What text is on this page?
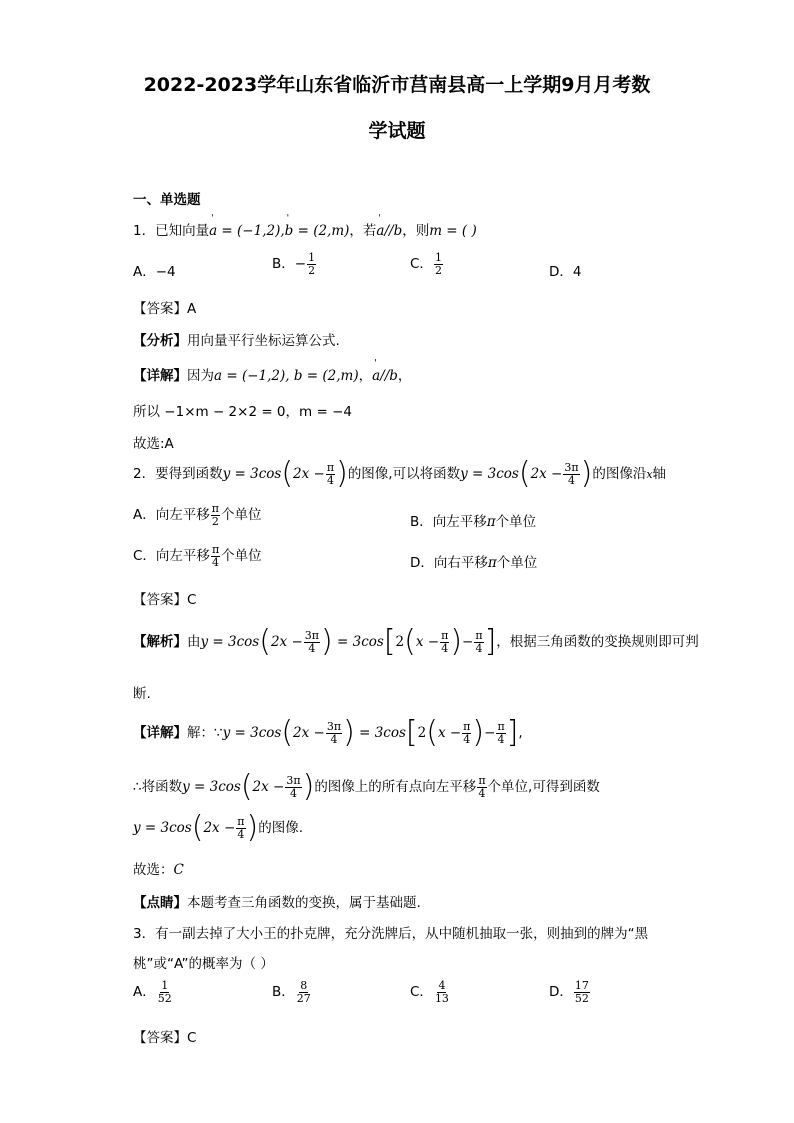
2022-2023学年山东省临沂市莒南县高一上学期9月月考数
学试题
一、单选题
1．已知向量' a = (−1,2),' b = (2,m)，若' a//b，则m = ( )
A．−4	B．− $\frac{1}{2}$	C． $\frac{1}{2}$	D．4
【答案】A
【分析】用向量平行坐标运算公式.
【详解】因为a = (−1,2), b = (2,m)，' a//b，
所以 −1×m − 2×2 = 0，m = −4
故选:A
2．要得到函数$y = 3\cos(2x - \frac{\pi}{4}$ )的图像,可以将函数$y = 3\cos(2x - \frac{3\pi}{4}$ )的图像沿x轴
A．向左平移 $\frac{\pi}{2}$ 个单位	B．向左平移π个单位
C．向左平移 $\frac{\pi}{4}$ 个单位	D．向右平移π个单位
【答案】C
【解析】由$y = 3\cos(2x - \frac{3\pi}{4}$ ) = $3\cos[2(x - \frac{\pi}{4}$ )− $\frac{\pi}{4}$ ]，根据三角函数的变换规则即可判
断.
【详解】解：∵y = $3\cos(2x - \frac{3\pi}{4}$ ) = $3\cos[2(x - \frac{\pi}{4}$ )− $\frac{\pi}{4}$ ],
∴将函数$y = 3\cos(2x - \frac{3\pi}{4}$ )的图像上的所有点向左平移 $\frac{\pi}{4}$ 个单位,可得到函数
$y = 3\cos(2x - \frac{\pi}{4}$ )的图像.
故选：C
【点睛】本题考查三角函数的变换，属于基础题.
3．有一副去掉了大小王的扑克牌，充分洗牌后，从中随机抽取一张，则抽到的牌为“黑
桃”或“A”的概率为（ ）
A． $\frac{1}{52}$	B． $\frac{8}{27}$	C． $\frac{4}{13}$	D． $\frac{17}{52}$
【答案】C
